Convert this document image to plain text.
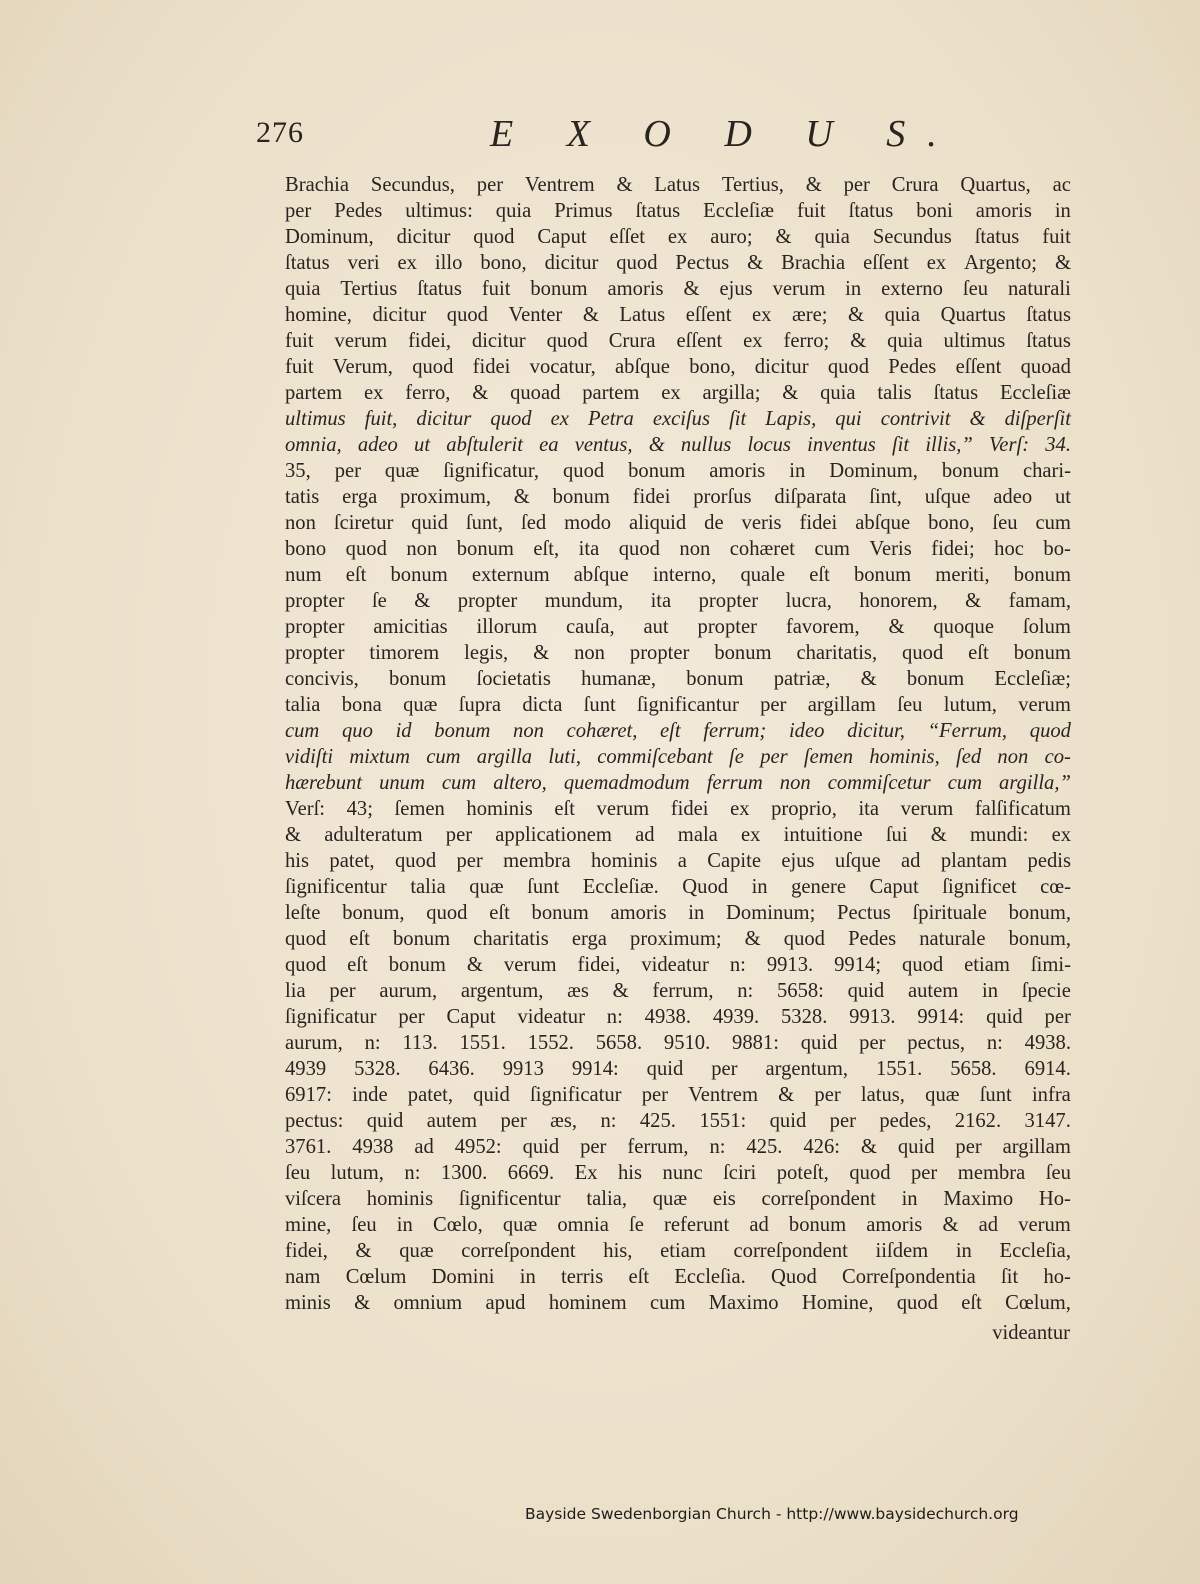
276	E X O D U S.
Brachia Secundus, per Ventrem & Latus Tertius, & per Crura Quartus, ac
per Pedes ultimus: quia Primus ſtatus Eccleſiæ fuit ſtatus boni amoris in
Dominum, dicitur quod Caput eſſet ex auro; & quia Secundus ſtatus fuit
ſtatus veri ex illo bono, dicitur quod Pectus & Brachia eſſent ex Argento; &
quia Tertius ſtatus fuit bonum amoris & ejus verum in externo ſeu naturali
homine, dicitur quod Venter & Latus eſſent ex ære; & quia Quartus ſtatus
fuit verum fidei, dicitur quod Crura eſſent ex ferro; & quia ultimus ſtatus
fuit Verum, quod fidei vocatur, abſque bono, dicitur quod Pedes eſſent quoad
partem ex ferro, & quoad partem ex argilla; & quia talis ſtatus Eccleſiæ
ultimus fuit, dicitur quod ex Petra exciſus ſit Lapis, qui contrivit & diſperſit
omnia, adeo ut abſtulerit ea ventus, & nullus locus inventus ſit illis,” Verſ: 34.
35, per quæ ſignificatur, quod bonum amoris in Dominum, bonum chari-
tatis erga proximum, & bonum fidei prorſus diſparata ſint, uſque adeo ut
non ſciretur quid ſunt, ſed modo aliquid de veris fidei abſque bono, ſeu cum
bono quod non bonum eſt, ita quod non cohæret cum Veris fidei; hoc bo-
num eſt bonum externum abſque interno, quale eſt bonum meriti, bonum
propter ſe & propter mundum, ita propter lucra, honorem, & famam,
propter amicitias illorum cauſa, aut propter favorem, & quoque ſolum
propter timorem legis, & non propter bonum charitatis, quod eſt bonum
concivis, bonum ſocietatis humanæ, bonum patriæ, & bonum Eccleſiæ;
talia bona quæ ſupra dicta ſunt ſignificantur per argillam ſeu lutum, verum
cum quo id bonum non cohæret, eſt ferrum; ideo dicitur, “Ferrum, quod
vidiſti mixtum cum argilla luti, commiſcebant ſe per ſemen hominis, ſed non co-
hærebunt unum cum altero, quemadmodum ferrum non commiſcetur cum argilla,”
Verſ: 43; ſemen hominis eſt verum fidei ex proprio, ita verum falſificatum
& adulteratum per applicationem ad mala ex intuitione ſui & mundi: ex
his patet, quod per membra hominis a Capite ejus uſque ad plantam pedis
ſignificentur talia quæ ſunt Eccleſiæ. Quod in genere Caput ſignificet cœ-
leſte bonum, quod eſt bonum amoris in Dominum; Pectus ſpirituale bonum,
quod eſt bonum charitatis erga proximum; & quod Pedes naturale bonum,
quod eſt bonum & verum fidei, videatur n: 9913. 9914; quod etiam ſimi-
lia per aurum, argentum, æs & ferrum, n: 5658: quid autem in ſpecie
ſignificatur per Caput videatur n: 4938. 4939. 5328. 9913. 9914: quid per
aurum, n: 113. 1551. 1552. 5658. 9510. 9881: quid per pectus, n: 4938.
4939 5328. 6436. 9913 9914: quid per argentum, 1551. 5658. 6914.
6917: inde patet, quid ſignificatur per Ventrem & per latus, quæ ſunt infra
pectus: quid autem per æs, n: 425. 1551: quid per pedes, 2162. 3147.
3761. 4938 ad 4952: quid per ferrum, n: 425. 426: & quid per argillam
ſeu lutum, n: 1300. 6669. Ex his nunc ſciri poteſt, quod per membra ſeu
viſcera hominis ſignificentur talia, quæ eis correſpondent in Maximo Ho-
mine, ſeu in Cœlo, quæ omnia ſe referunt ad bonum amoris & ad verum
fidei, & quæ correſpondent his, etiam correſpondent iiſdem in Eccleſia,
nam Cœlum Domini in terris eſt Eccleſia. Quod Correſpondentia ſit ho-
minis & omnium apud hominem cum Maximo Homine, quod eſt Cœlum,
videantur
Bayside Swedenborgian Church - http://www.baysidechurch.org
